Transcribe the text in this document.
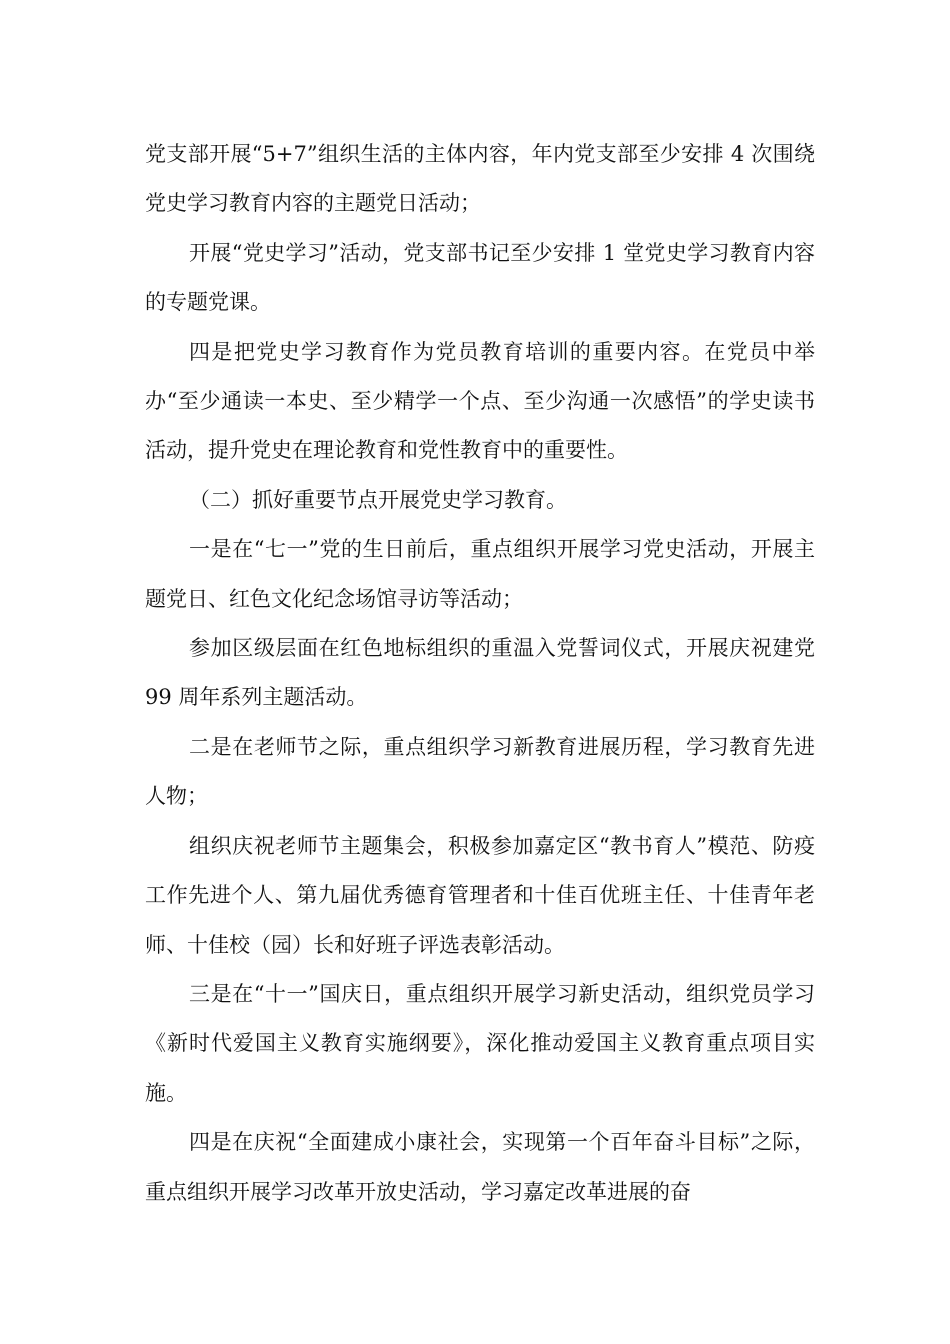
党支部开展“5+7”组织生活的主体内容，年内党支部至少安排 4 次围绕党史学习教育内容的主题党日活动；

开展“党史学习”活动，党支部书记至少安排 1 堂党史学习教育内容的专题党课。

四是把党史学习教育作为党员教育培训的重要内容。在党员中举办“至少通读一本史、至少精学一个点、至少沟通一次感悟”的学史读书活动，提升党史在理论教育和党性教育中的重要性。

（二）抓好重要节点开展党史学习教育。

一是在“七一”党的生日前后，重点组织开展学习党史活动，开展主题党日、红色文化纪念场馆寻访等活动；

参加区级层面在红色地标组织的重温入党誓词仪式，开展庆祝建党 99 周年系列主题活动。

二是在老师节之际，重点组织学习新教育进展历程，学习教育先进人物；

组织庆祝老师节主题集会，积极参加嘉定区“教书育人”模范、防疫工作先进个人、第九届优秀德育管理者和十佳百优班主任、十佳青年老师、十佳校（园）长和好班子评选表彰活动。

三是在“十一”国庆日，重点组织开展学习新史活动，组织党员学习《新时代爱国主义教育实施纲要》，深化推动爱国主义教育重点项目实施。

四是在庆祝“全面建成小康社会，实现第一个百年奋斗目标”之际，重点组织开展学习改革开放史活动，学习嘉定改革进展的奋
